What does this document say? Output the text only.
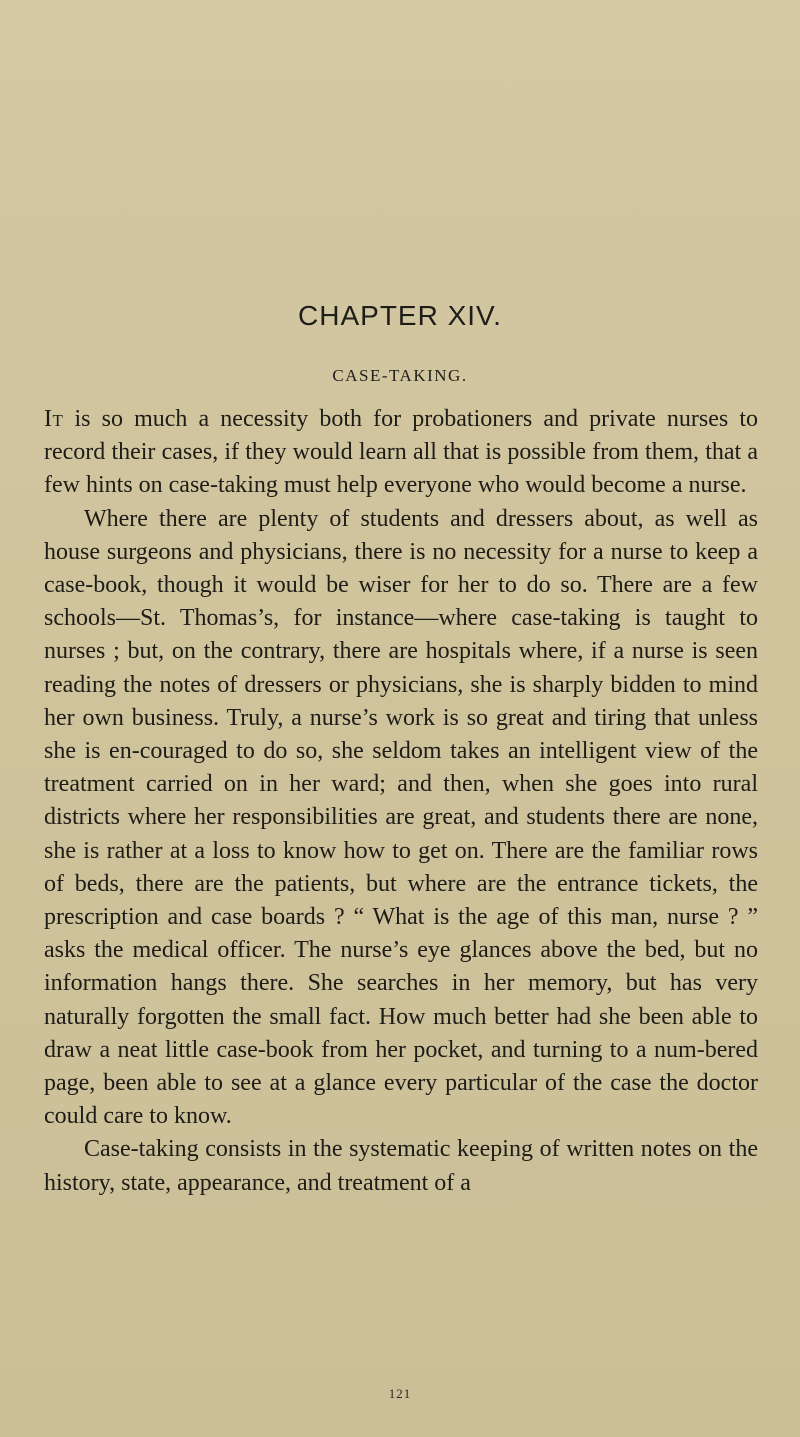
CHAPTER XIV.
CASE-TAKING.

It is so much a necessity both for probationers and private nurses to record their cases, if they would learn all that is possible from them, that a few hints on case-taking must help everyone who would become a nurse.

Where there are plenty of students and dressers about, as well as house surgeons and physicians, there is no necessity for a nurse to keep a case-book, though it would be wiser for her to do so. There are a few schools—St. Thomas’s, for instance—where case-taking is taught to nurses ; but, on the contrary, there are hospitals where, if a nurse is seen reading the notes of dressers or physicians, she is sharply bidden to mind her own business. Truly, a nurse’s work is so great and tiring that unless she is en-couraged to do so, she seldom takes an intelligent view of the treatment carried on in her ward; and then, when she goes into rural districts where her responsibilities are great, and students there are none, she is rather at a loss to know how to get on. There are the familiar rows of beds, there are the patients, but where are the entrance tickets, the prescription and case boards ? “ What is the age of this man, nurse ? ” asks the medical officer. The nurse’s eye glances above the bed, but no information hangs there. She searches in her memory, but has very naturally forgotten the small fact. How much better had she been able to draw a neat little case-book from her pocket, and turning to a num-bered page, been able to see at a glance every particular of the case the doctor could care to know.

Case-taking consists in the systematic keeping of written notes on the history, state, appearance, and treatment of a

121
